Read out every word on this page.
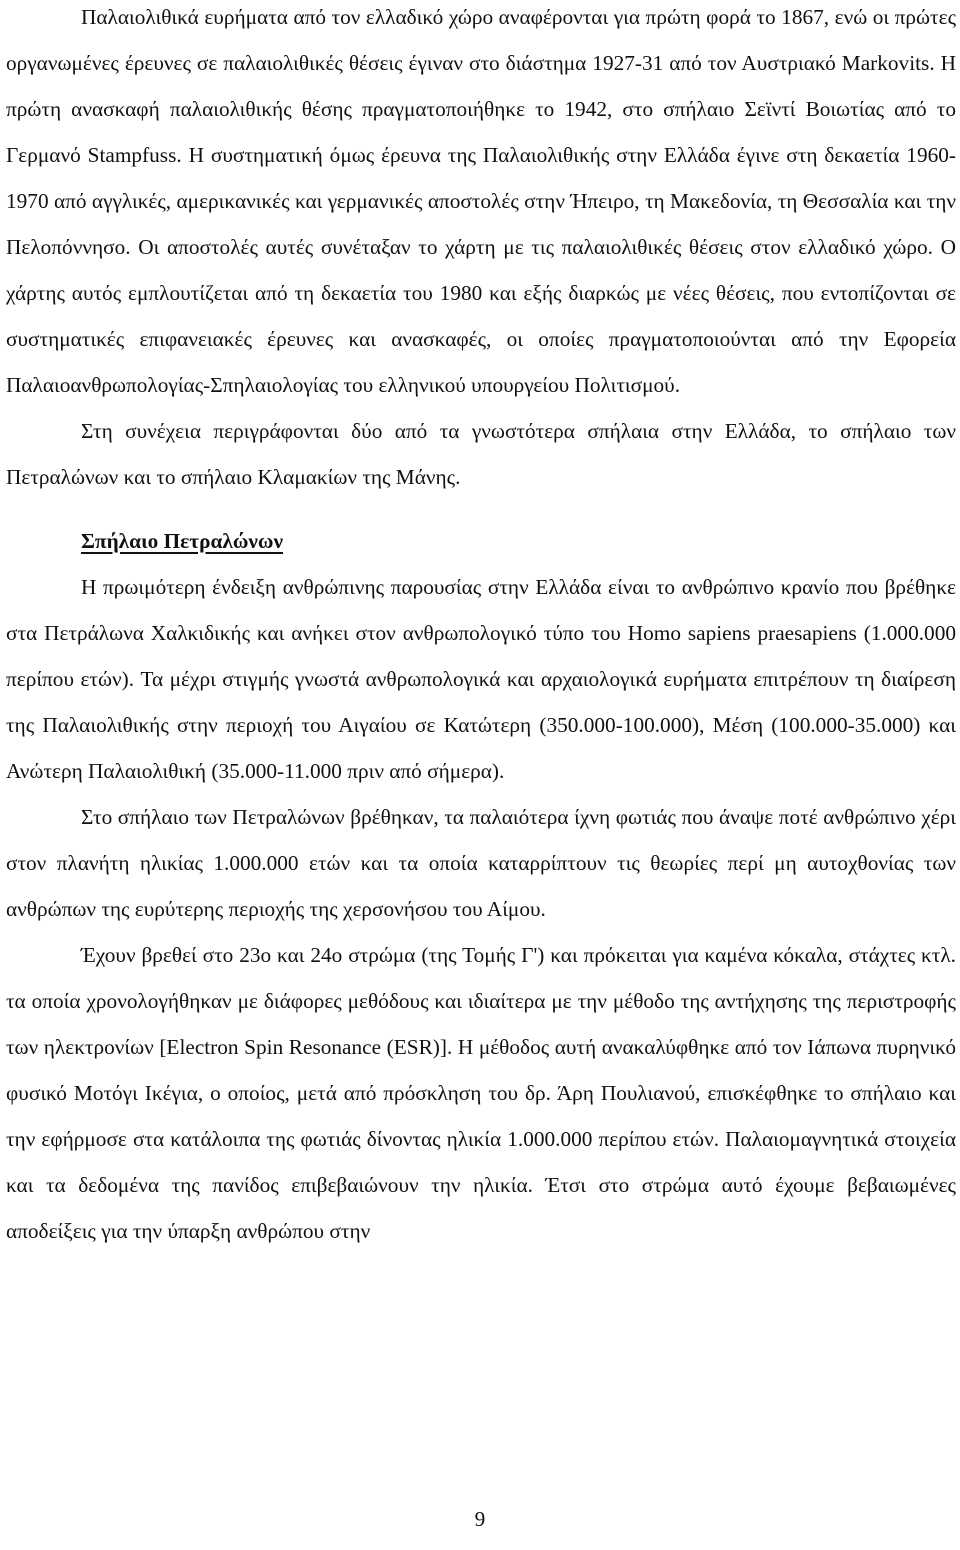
Παλαιολιθικά ευρήματα από τον ελλαδικό χώρο αναφέρονται για πρώτη φορά το 1867, ενώ οι πρώτες οργανωμένες έρευνες σε παλαιολιθικές θέσεις έγιναν στο διάστημα 1927-31 από τον Αυστριακό Markovits. Η πρώτη ανασκαφή παλαιολιθικής θέσης πραγματοποιήθηκε το 1942, στο σπήλαιο Σεϊντί Βοιωτίας από το Γερμανό Stampfuss. Η συστηματική όμως έρευνα της Παλαιολιθικής στην Ελλάδα έγινε στη δεκαετία 1960-1970 από αγγλικές, αμερικανικές και γερμανικές αποστολές στην Ήπειρο, τη Μακεδονία, τη Θεσσαλία και την Πελοπόννησο. Οι αποστολές αυτές συνέταξαν το χάρτη με τις παλαιολιθικές θέσεις στον ελλαδικό χώρο. Ο χάρτης αυτός εμπλουτίζεται από τη δεκαετία του 1980 και εξής διαρκώς με νέες θέσεις, που εντοπίζονται σε συστηματικές επιφανειακές έρευνες και ανασκαφές, οι οποίες πραγματοποιούνται από την Εφορεία Παλαιοανθρωπολογίας-Σπηλαιολογίας του ελληνικού υπουργείου Πολιτισμού.

Στη συνέχεια περιγράφονται δύο από τα γνωστότερα σπήλαια στην Ελλάδα, το σπήλαιο των Πετραλώνων και το σπήλαιο Κλαμακίων της Μάνης.

Σπήλαιο Πετραλώνων

Η πρωιμότερη ένδειξη ανθρώπινης παρουσίας στην Ελλάδα είναι το ανθρώπινο κρανίο που βρέθηκε στα Πετράλωνα Χαλκιδικής και ανήκει στον ανθρωπολογικό τύπο του Homo sapiens praesapiens (1.000.000 περίπου ετών). Τα μέχρι στιγμής γνωστά ανθρωπολογικά και αρχαιολογικά ευρήματα επιτρέπουν τη διαίρεση της Παλαιολιθικής στην περιοχή του Αιγαίου σε Κατώτερη (350.000-100.000), Μέση (100.000-35.000) και Ανώτερη Παλαιολιθική (35.000-11.000 πριν από σήμερα).

Στο σπήλαιο των Πετραλώνων βρέθηκαν, τα παλαιότερα ίχνη φωτιάς που άναψε ποτέ ανθρώπινο χέρι στον πλανήτη ηλικίας 1.000.000 ετών και τα οποία καταρρίπτουν τις θεωρίες περί μη αυτοχθονίας των ανθρώπων της ευρύτερης περιοχής της χερσονήσου του Αίμου.

Έχουν βρεθεί στο 23ο και 24ο στρώμα (της Τομής Γ') και πρόκειται για καμένα κόκαλα, στάχτες κτλ. τα οποία χρονολογήθηκαν με διάφορες μεθόδους και ιδιαίτερα με την μέθοδο της αντήχησης της περιστροφής των ηλεκτρονίων [Electron Spin Resonance (ESR)]. Η μέθοδος αυτή ανακαλύφθηκε από τον Ιάπωνα πυρηνικό φυσικό Μοτόγι Ικέγια, ο οποίος, μετά από πρόσκληση του δρ. Άρη Πουλιανού, επισκέφθηκε το σπήλαιο και την εφήρμοσε στα κατάλοιπα της φωτιάς δίνοντας ηλικία 1.000.000 περίπου ετών. Παλαιομαγνητικά στοιχεία και τα δεδομένα της πανίδος επιβεβαιώνουν την ηλικία. Έτσι στο στρώμα αυτό έχουμε βεβαιωμένες αποδείξεις για την ύπαρξη ανθρώπου στην

9
